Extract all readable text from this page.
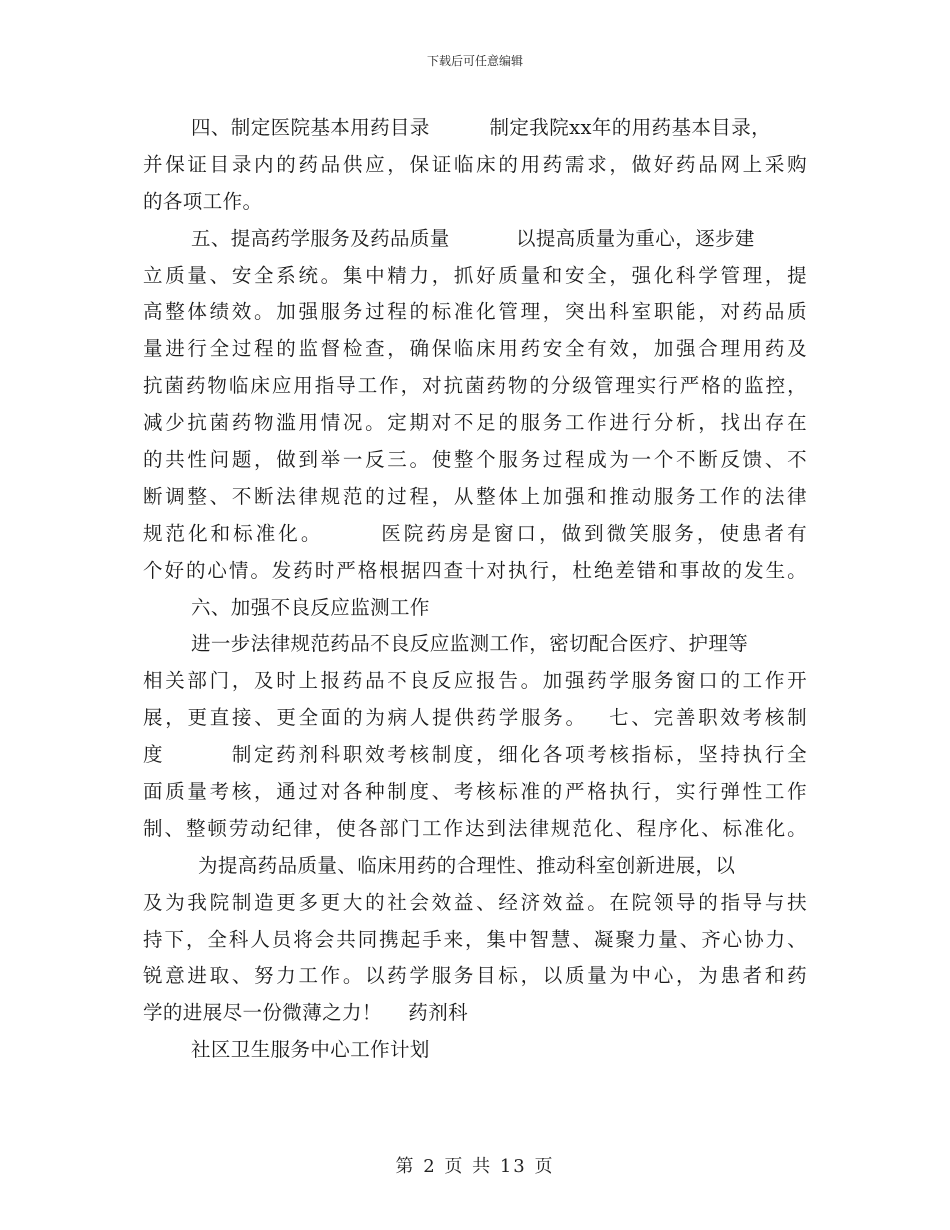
下载后可任意编辑
四、制定医院基本用药目录　　　制定我院xx年的用药基本目录，
并保证目录内的药品供应，保证临床的用药需求，做好药品网上采购
的各项工作。
五、提高药学服务及药品质量　　　 以提高质量为重心，逐步建
立质量、安全系统。集中精力，抓好质量和安全，强化科学管理，提
高整体绩效。加强服务过程的标准化管理，突出科室职能，对药品质
量进行全过程的监督检查，确保临床用药安全有效，加强合理用药及
抗菌药物临床应用指导工作，对抗菌药物的分级管理实行严格的监控，
减少抗菌药物滥用情况。定期对不足的服务工作进行分析，找出存在
的共性问题，做到举一反三。使整个服务过程成为一个不断反馈、不
断调整、不断法律规范的过程，从整体上加强和推动服务工作的法律
规范化和标准化。　　　医院药房是窗口，做到微笑服务，使患者有
个好的心情。发药时严格根据四查十对执行，杜绝差错和事故的发生。
六、加强不良反应监测工作
进一步法律规范药品不良反应监测工作，密切配合医疗、护理等
相关部门，及时上报药品不良反应报告。加强药学服务窗口的工作开
展，更直接、更全面的为病人提供药学服务。　 七、完善职效考核制
度　　　制定药剂科职效考核制度，细化各项考核指标，坚持执行全
面质量考核，通过对各种制度、考核标准的严格执行，实行弹性工作
制、整顿劳动纪律，使各部门工作达到法律规范化、程序化、标准化。
为提高药品质量、临床用药的合理性、推动科室创新进展，以
及为我院制造更多更大的社会效益、经济效益。在院领导的指导与扶
持下，全科人员将会共同携起手来，集中智慧、凝聚力量、齐心协力、
锐意进取、努力工作。以药学服务目标，以质量为中心，为患者和药
学的进展尽一份微薄之力！　 药剂科
社区卫生服务中心工作计划
第 2 页 共 13 页
